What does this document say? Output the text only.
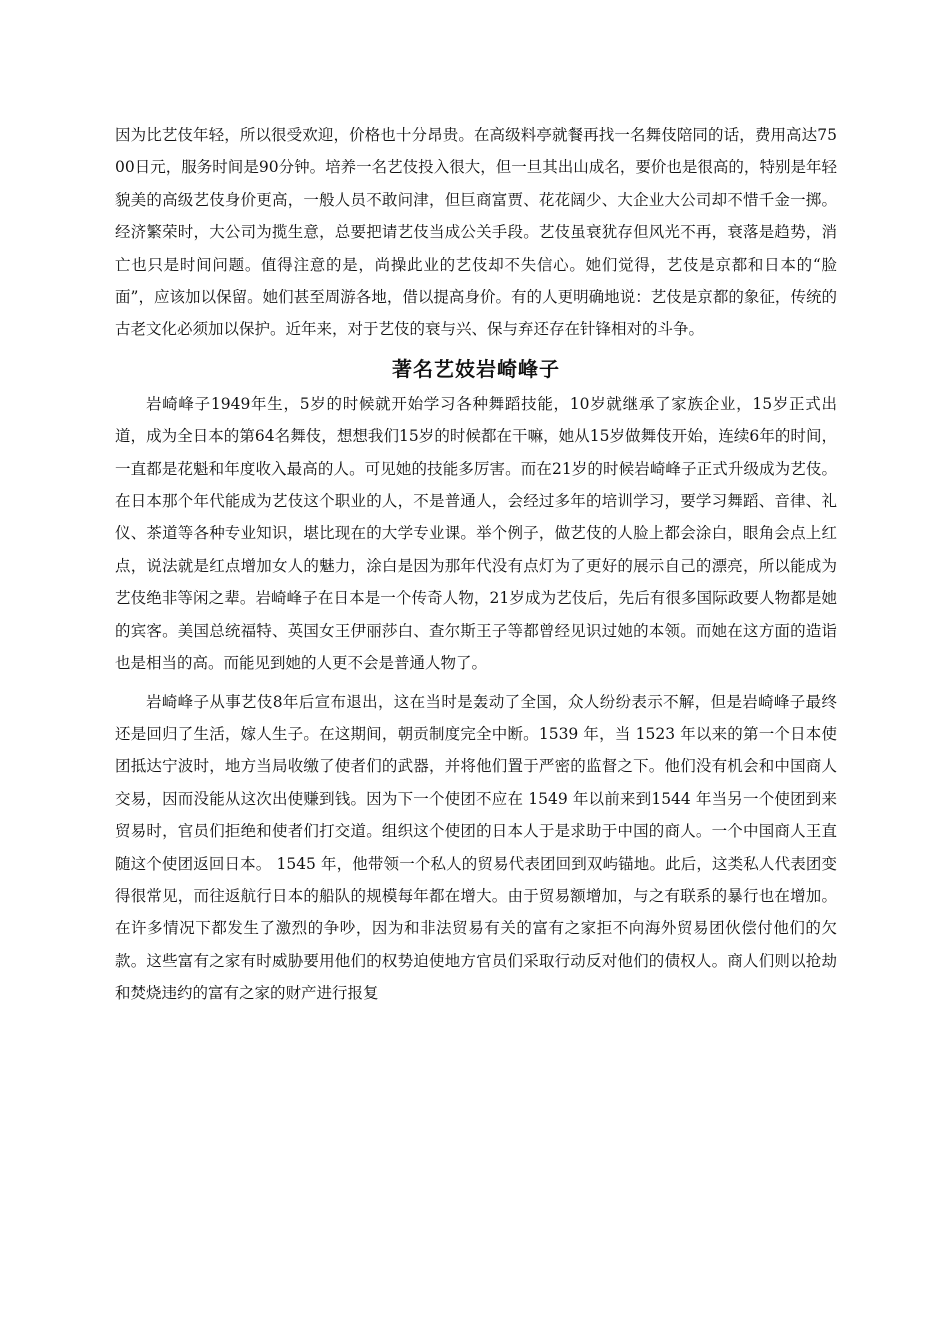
因为比艺伎年轻，所以很受欢迎，价格也十分昂贵。在高级料亭就餐再找一名舞伎陪同的话，费用高达7500日元，服务时间是90分钟。培养一名艺伎投入很大，但一旦其出山成名，要价也是很高的，特别是年轻貌美的高级艺伎身价更高，一般人员不敢问津，但巨商富贾、花花阔少、大企业大公司却不惜千金一掷。经济繁荣时，大公司为揽生意，总要把请艺伎当成公关手段。艺伎虽衰犹存但风光不再，衰落是趋势，消亡也只是时间问题。值得注意的是，尚操此业的艺伎却不失信心。她们觉得，艺伎是京都和日本的“脸面”，应该加以保留。她们甚至周游各地，借以提高身价。有的人更明确地说：艺伎是京都的象征，传统的古老文化必须加以保护。近年来，对于艺伎的衰与兴、保与弃还存在针锋相对的斗争。

著名艺妓岩崎峰子

岩崎峰子1949年生，5岁的时候就开始学习各种舞蹈技能，10岁就继承了家族企业，15岁正式出道，成为全日本的第64名舞伎，想想我们15岁的时候都在干嘛，她从15岁做舞伎开始，连续6年的时间，一直都是花魁和年度收入最高的人。可见她的技能多厉害。而在21岁的时候岩崎峰子正式升级成为艺伎。在日本那个年代能成为艺伎这个职业的人，不是普通人，会经过多年的培训学习，要学习舞蹈、音律、礼仪、茶道等各种专业知识，堪比现在的大学专业课。举个例子，做艺伎的人脸上都会涂白，眼角会点上红点，说法就是红点增加女人的魅力，涂白是因为那年代没有点灯为了更好的展示自己的漂亮，所以能成为艺伎绝非等闲之辈。岩崎峰子在日本是一个传奇人物，21岁成为艺伎后，先后有很多国际政要人物都是她的宾客。美国总统福特、英国女王伊丽莎白、查尔斯王子等都曾经见识过她的本领。而她在这方面的造诣也是相当的高。而能见到她的人更不会是普通人物了。

岩崎峰子从事艺伎8年后宣布退出，这在当时是轰动了全国，众人纷纷表示不解，但是岩崎峰子最终还是回归了生活，嫁人生子。在这期间，朝贡制度完全中断。1539 年，当 1523 年以来的第一个日本使团抵达宁波时，地方当局收缴了使者们的武器，并将他们置于严密的监督之下。他们没有机会和中国商人交易，因而没能从这次出使赚到钱。因为下一个使团不应在 1549 年以前来到1544 年当另一个使团到来贸易时，官员们拒绝和使者们打交道。组织这个使团的日本人于是求助于中国的商人。一个中国商人王直随这个使团返回日本。 1545 年，他带领一个私人的贸易代表团回到双屿锚地。此后，这类私人代表团变得很常见，而往返航行日本的船队的规模每年都在增大。由于贸易额增加，与之有联系的暴行也在增加。在许多情况下都发生了激烈的争吵，因为和非法贸易有关的富有之家拒不向海外贸易团伙偿付他们的欠款。这些富有之家有时威胁要用他们的权势迫使地方官员们采取行动反对他们的债权人。商人们则以抢劫和焚烧违约的富有之家的财产进行报复
